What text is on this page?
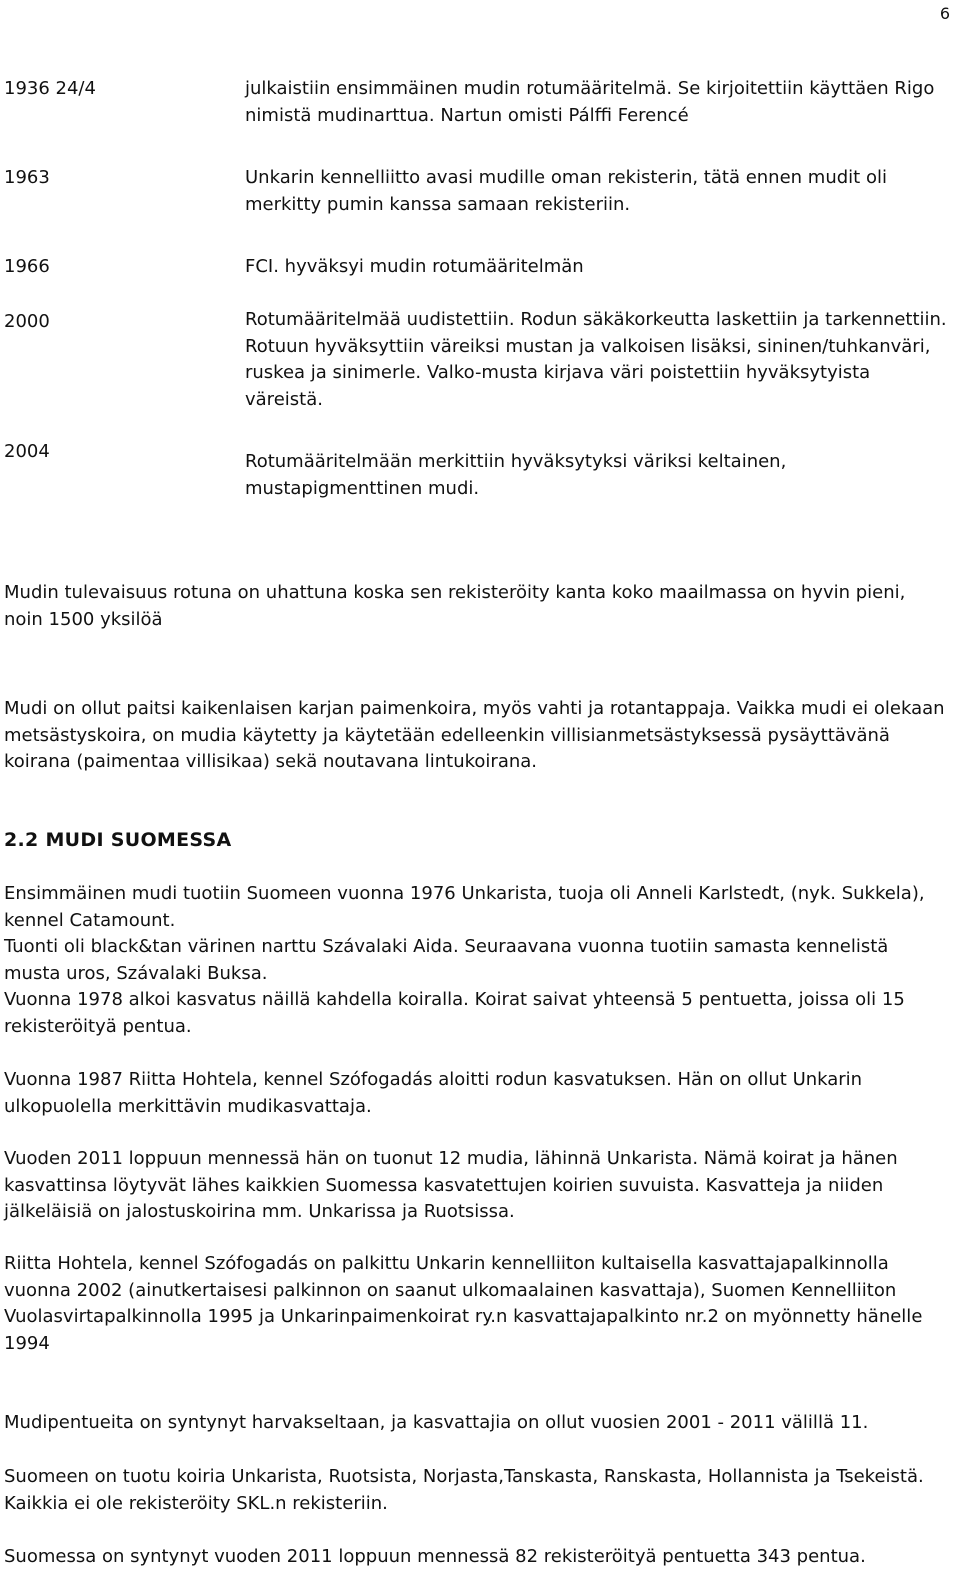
6
1936 24/4	julkaistiin ensimmäinen mudin rotumääritelmä. Se kirjoitettiin käyttäen Rigo nimistä mudinarttua. Nartun omisti Pálffi Ferencé
1963	Unkarin kennelliitto avasi mudille oman rekisterin, tätä ennen mudit oli merkitty pumin kanssa samaan rekisteriin.
1966	FCI. hyväksyi mudin rotumääritelmän
2000	Rotumääritelmää uudistettiin. Rodun säkäkorkeutta laskettiin ja tarkennettiin. Rotuun hyväksyttiin väreiksi mustan ja valkoisen lisäksi, sininen/tuhkanväri, ruskea ja sinimerle. Valko-musta kirjava väri poistettiin hyväksytyista väreistä.
2004	Rotumääritelmään merkittiin hyväksytyksi väriksi keltainen, mustapigmenttinen mudi.
Mudin tulevaisuus rotuna on uhattuna koska sen rekisteröity kanta koko maailmassa on hyvin pieni, noin 1500 yksilöä
Mudi on ollut paitsi kaikenlaisen karjan paimenkoira, myös vahti ja rotantappaja. Vaikka mudi ei olekaan metsästyskoira, on mudia käytetty ja käytetään edelleenkin villisianmetsästyksessä pysäyttävänä koirana (paimentaa villisikaa) sekä noutavana lintukoirana.
2.2 MUDI SUOMESSA
Ensimmäinen mudi tuotiin Suomeen vuonna 1976 Unkarista, tuoja oli Anneli Karlstedt, (nyk. Sukkela), kennel Catamount.
Tuonti oli black&tan värinen narttu Szávalaki Aida. Seuraavana vuonna tuotiin samasta kennelistä musta uros, Szávalaki Buksa.
Vuonna 1978 alkoi kasvatus näillä kahdella koiralla. Koirat saivat yhteensä 5 pentuetta, joissa oli 15 rekisteröityä pentua.
Vuonna 1987 Riitta Hohtela, kennel Szófogadás aloitti rodun kasvatuksen. Hän on ollut Unkarin ulkopuolella merkittävin mudikasvattaja.
Vuoden 2011 loppuun mennessä hän on tuonut 12 mudia, lähinnä Unkarista. Nämä koirat ja hänen kasvattinsa löytyvät lähes kaikkien Suomessa kasvatettujen koirien suvuista. Kasvatteja ja niiden jälkeläisiä on jalostuskoirina mm. Unkarissa ja Ruotsissa.
Riitta Hohtela, kennel Szófogadás on palkittu Unkarin kennelliiton kultaisella kasvattajapalkinnolla vuonna 2002 (ainutkertaisesi palkinnon on saanut ulkomaalainen kasvattaja), Suomen Kennelliiton Vuolasvirtapalkinnolla 1995 ja Unkarinpaimenkoirat ry.n kasvattajapalkinto nr.2 on myönnetty hänelle 1994
Mudipentueita on syntynyt harvakseltaan, ja kasvattajia on ollut vuosien 2001 - 2011 välillä 11.
Suomeen on tuotu koiria Unkarista, Ruotsista, Norjasta,Tanskasta, Ranskasta, Hollannista ja Tsekeistä. Kaikkia ei ole rekisteröity SKL.n rekisteriin.
Suomessa on syntynyt vuoden 2011 loppuun mennessä 82 rekisteröityä pentuetta 343 pentua.
